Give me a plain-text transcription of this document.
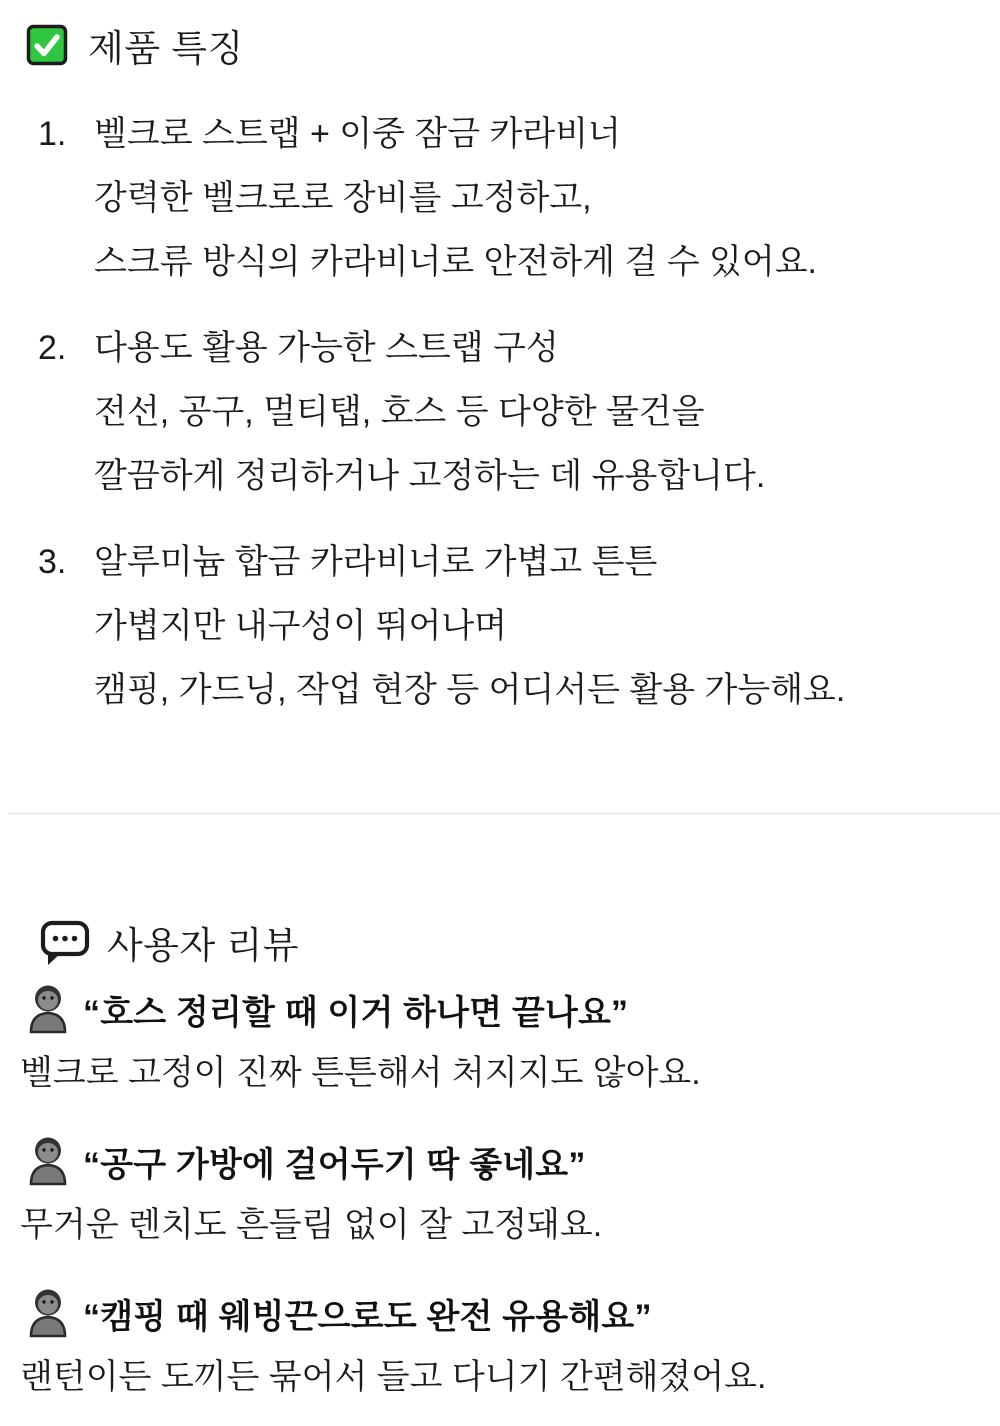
제품 특징
1. 벨크로 스트랩 + 이중 잠금 카라비너
강력한 벨크로로 장비를 고정하고,
스크류 방식의 카라비너로 안전하게 걸 수 있어요.
2. 다용도 활용 가능한 스트랩 구성
전선, 공구, 멀티탭, 호스 등 다양한 물건을
깔끔하게 정리하거나 고정하는 데 유용합니다.
3. 알루미늄 합금 카라비너로 가볍고 튼튼
가볍지만 내구성이 뛰어나며
캠핑, 가드닝, 작업 현장 등 어디서든 활용 가능해요.
사용자 리뷰
“호스 정리할 때 이거 하나면 끝나요”
벨크로 고정이 진짜 튼튼해서 처지지도 않아요.
“공구 가방에 걸어두기 딱 좋네요”
무거운 렌치도 흔들림 없이 잘 고정돼요.
“캠핑 때 웨빙끈으로도 완전 유용해요”
랜턴이든 도끼든 묶어서 들고 다니기 간편해졌어요.
